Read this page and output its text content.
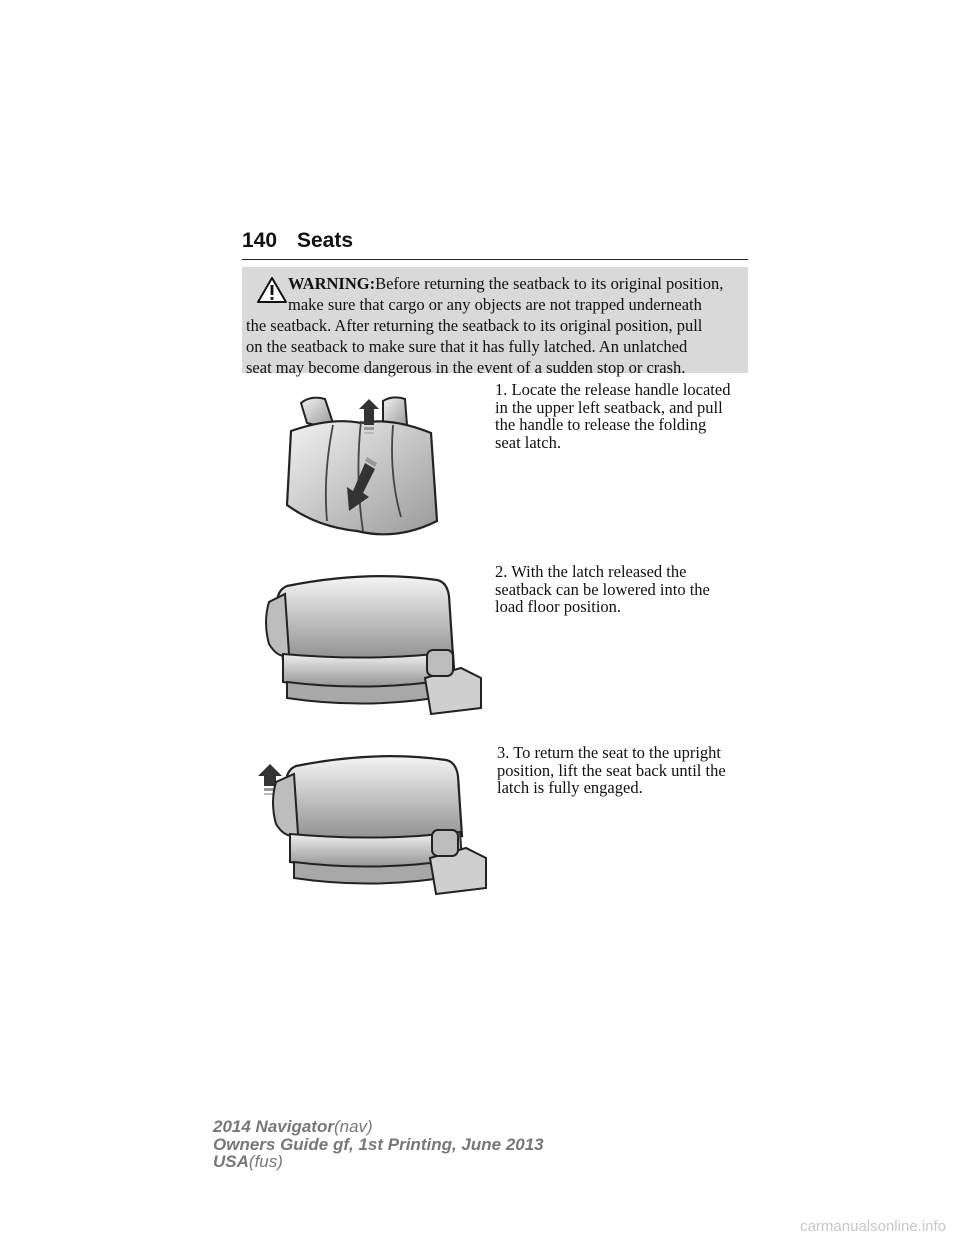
140 Seats
WARNING:Before returning the seatback to its original position,
make sure that cargo or any objects are not trapped underneath
the seatback. After returning the seatback to its original position, pull
on the seatback to make sure that it has fully latched. An unlatched
seat may become dangerous in the event of a sudden stop or crash.
1. Locate the release handle located
in the upper left seatback, and pull
the handle to release the folding
seat latch.
2. With the latch released the
seatback can be lowered into the
load floor position.
3. To return the seat to the upright
position, lift the seat back until the
latch is fully engaged.
2014 Navigator(nav)
Owners Guide gf, 1st Printing, June 2013
USA(fus)
carmanualsonline.info
